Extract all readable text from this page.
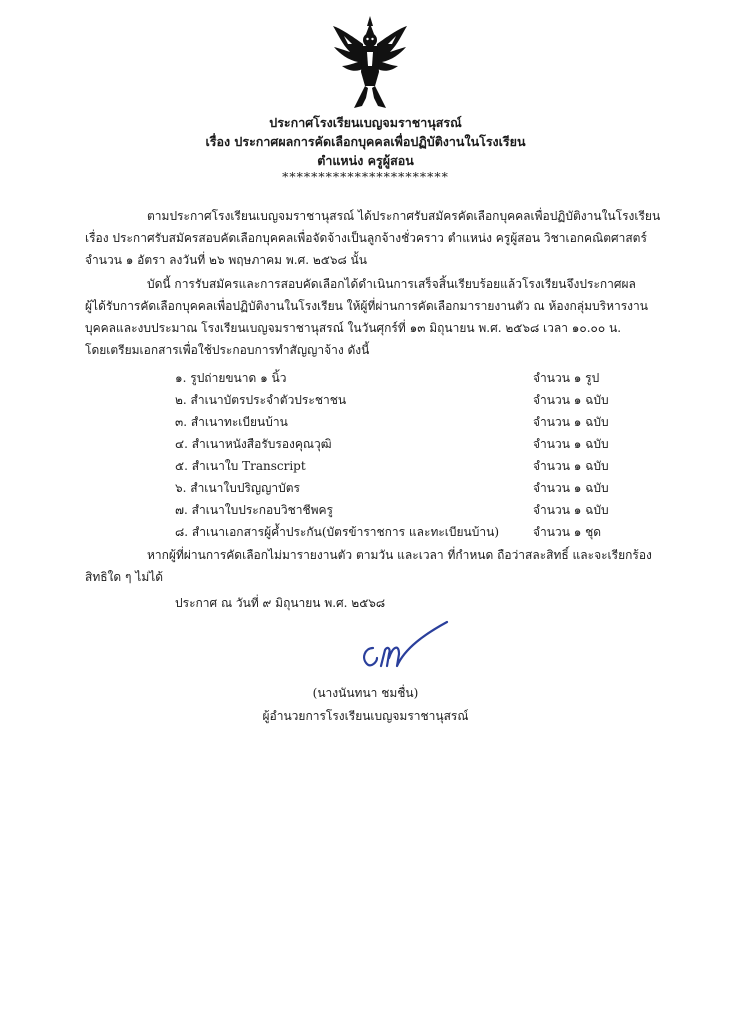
ประกาศโรงเรียนเบญจมราชานุสรณ์
เรื่อง ประกาศผลการคัดเลือกบุคคลเพื่อปฏิบัติงานในโรงเรียน
ตำแหน่ง ครูผู้สอน
***********************
ตามประกาศโรงเรียนเบญจมราชานุสรณ์ ได้ประกาศรับสมัครคัดเลือกบุคคลเพื่อปฏิบัติงานในโรงเรียน
เรื่อง ประกาศรับสมัครสอบคัดเลือกบุคคลเพื่อจัดจ้างเป็นลูกจ้างชั่วคราว ตำแหน่ง ครูผู้สอน วิชาเอกคณิตศาสตร์
จำนวน ๑ อัตรา ลงวันที่ ๒๖ พฤษภาคม พ.ศ. ๒๕๖๘ นั้น
บัดนี้ การรับสมัครและการสอบคัดเลือกได้ดำเนินการเสร็จสิ้นเรียบร้อยแล้วโรงเรียนจึงประกาศผล
ผู้ได้รับการคัดเลือกบุคคลเพื่อปฏิบัติงานในโรงเรียน ให้ผู้ที่ผ่านการคัดเลือกมารายงานตัว ณ ห้องกลุ่มบริหารงาน
บุคคลและงบประมาณ โรงเรียนเบญจมราชานุสรณ์ ในวันศุกร์ที่ ๑๓ มิถุนายน พ.ศ. ๒๕๖๘ เวลา ๑๐.๐๐ น.
โดยเตรียมเอกสารเพื่อใช้ประกอบการทำสัญญาจ้าง ดังนี้
๑. รูปถ่ายขนาด ๑ นิ้ว	จำนวน ๑ รูป
๒. สำเนาบัตรประจำตัวประชาชน	จำนวน ๑ ฉบับ
๓. สำเนาทะเบียนบ้าน	จำนวน ๑ ฉบับ
๔. สำเนาหนังสือรับรองคุณวุฒิ	จำนวน ๑ ฉบับ
๕. สำเนาใบ Transcript	จำนวน ๑ ฉบับ
๖. สำเนาใบปริญญาบัตร	จำนวน ๑ ฉบับ
๗. สำเนาใบประกอบวิชาชีพครู	จำนวน ๑ ฉบับ
๘. สำเนาเอกสารผู้ค้ำประกัน(บัตรข้าราชการ และทะเบียนบ้าน)	จำนวน ๑ ชุด
หากผู้ที่ผ่านการคัดเลือกไม่มารายงานตัว ตามวัน และเวลา ที่กำหนด ถือว่าสละสิทธิ์ และจะเรียกร้อง
สิทธิใด ๆ ไม่ได้
ประกาศ ณ วันที่ ๙ มิถุนายน พ.ศ. ๒๕๖๘
(นางนันทนา ชมชื่น)
ผู้อำนวยการโรงเรียนเบญจมราชานุสรณ์
